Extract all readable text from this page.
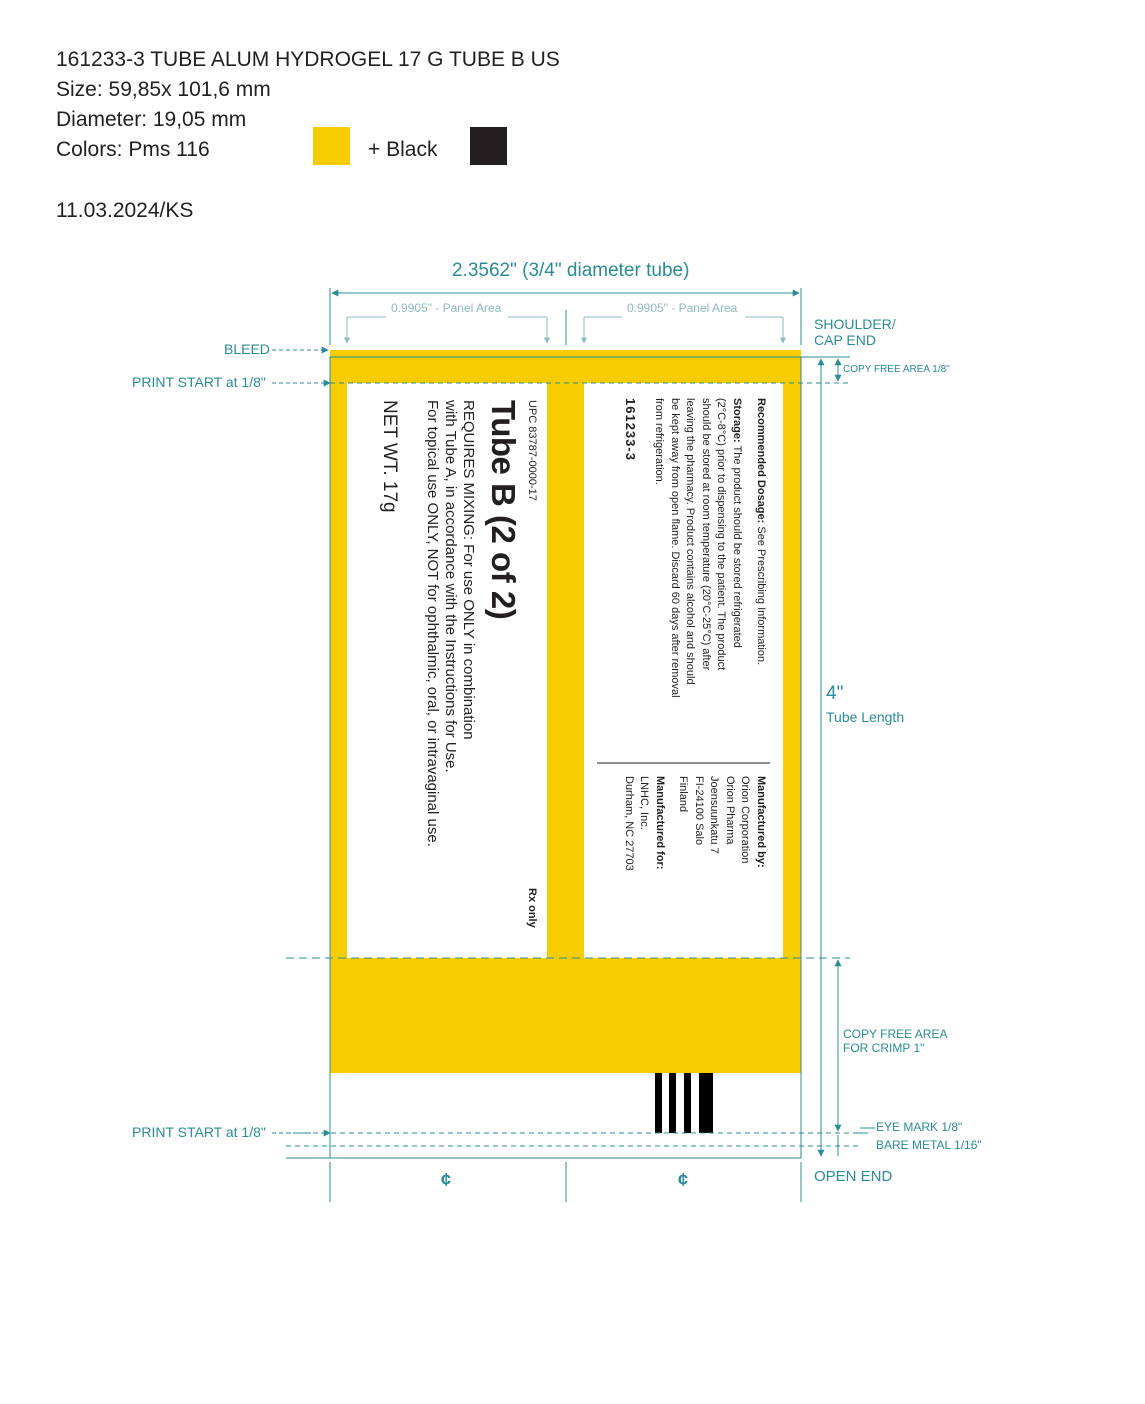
161233-3 TUBE ALUM HYDROGEL 17 G TUBE B US
Size: 59,85x 101,6 mm
Diameter: 19,05 mm
Colors: Pms 116	+ Black
11.03.2024/KS
2.3562" (3/4" diameter tube)
0.9905" - Panel Area	0.9905" - Panel Area
SHOULDER/
CAP END
BLEED
PRINT START at 1/8"
COPY FREE AREA 1/8"
4"
Tube Length
COPY FREE AREA
FOR CRIMP 1"
EYE MARK 1/8"
BARE METAL 1/16"
PRINT START at 1/8"
OPEN END
¢	¢
UPC 83787-0000-17
Rx only
Tube B (2 of 2)
REQUIRES MIXING: For use ONLY in combination
with Tube A, in accordance with the Instructions for Use.
For topical use ONLY, NOT for ophthalmic, oral, or intravaginal use.
NET WT. 17g	Recommended Dosage: See Prescribing Information.
Storage: The product should be stored refrigerated
(2°C-8°C) prior to dispensing to the patient. The product
should be stored at room temperature (20°C-25°C) after
leaving the pharmacy. Product contains alcohol and should
be kept away from open flame. Discard 60 days after removal
from refrigeration.
161233-3
Manufactured by:
Orion Corporation
Orion Pharma
Joensuunkatu 7
FI-24100 Salo
Finland
Manufactured for:
LNHC, Inc.
Durham, NC 27703
